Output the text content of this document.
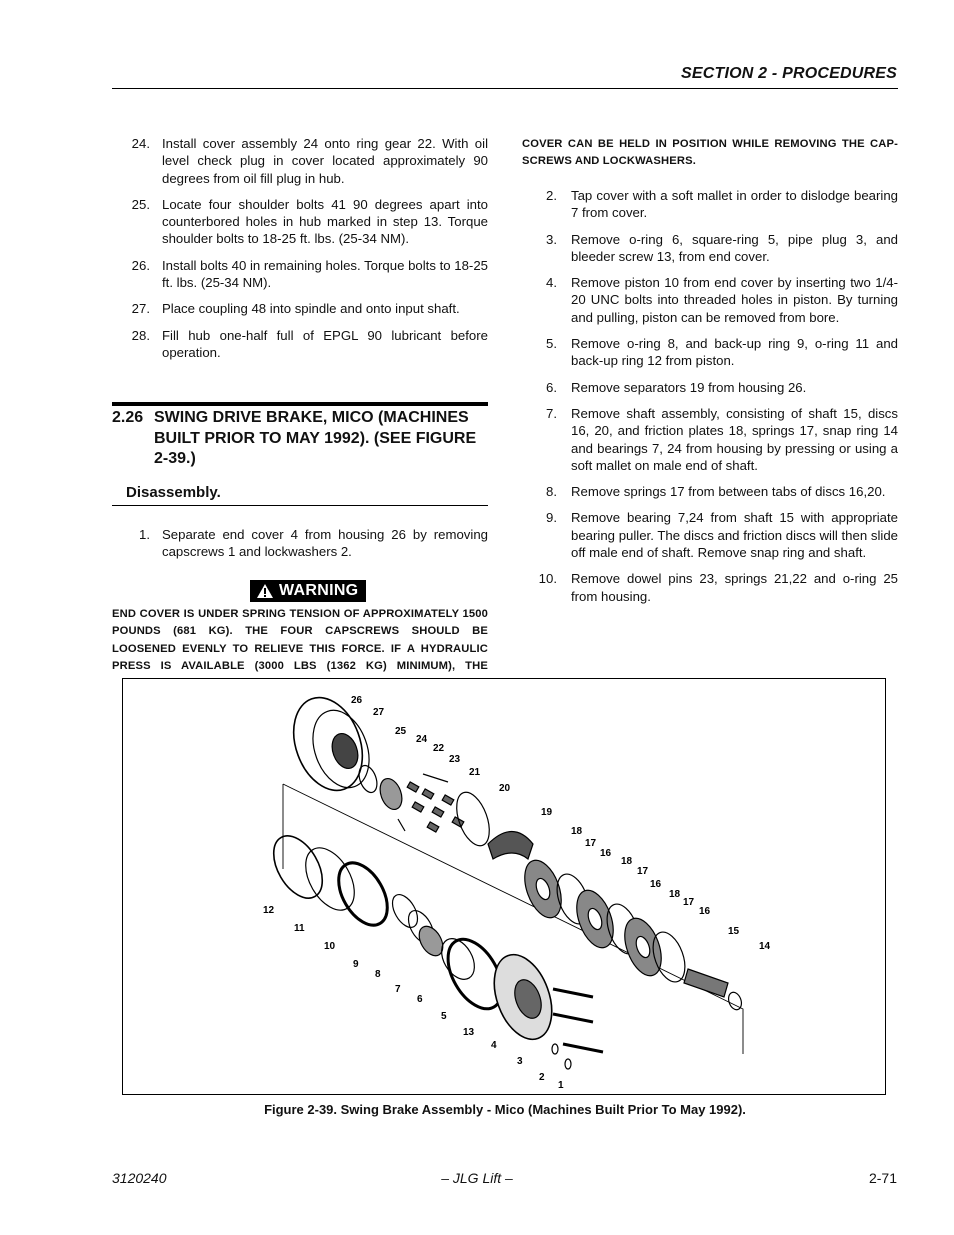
SECTION 2 - PROCEDURES
24. Install cover assembly 24 onto ring gear 22. With oil level check plug in cover located approximately 90 degrees from oil fill plug in hub.
25. Locate four shoulder bolts 41 90 degrees apart into counterbored holes in hub marked in step 13. Torque shoulder bolts to 18-25 ft. lbs. (25-34 NM).
26. Install bolts 40 in remaining holes. Torque bolts to 18-25 ft. lbs. (25-34 NM).
27. Place coupling 48 into spindle and onto input shaft.
28. Fill hub one-half full of EPGL 90 lubricant before operation.
2.26 SWING DRIVE BRAKE, MICO (MACHINES BUILT PRIOR TO MAY 1992). (SEE FIGURE 2-39.)
Disassembly.
1. Separate end cover 4 from housing 26 by removing capscrews 1 and lockwashers 2.
WARNING
END COVER IS UNDER SPRING TENSION OF APPROXIMATELY 1500 POUNDS (681 KG). THE FOUR CAPSCREWS SHOULD BE LOOSENED EVENLY TO RELIEVE THIS FORCE. IF A HYDRAULIC PRESS IS AVAILABLE (3000 LBS (1362 KG) MINIMUM), THE
COVER CAN BE HELD IN POSITION WHILE REMOVING THE CAP-SCREWS AND LOCKWASHERS.
2. Tap cover with a soft mallet in order to dislodge bearing 7 from cover.
3. Remove o-ring 6, square-ring 5, pipe plug 3, and bleeder screw 13, from end cover.
4. Remove piston 10 from end cover by inserting two 1/4-20 UNC bolts into threaded holes in piston. By turning and pulling, piston can be removed from bore.
5. Remove o-ring 8, and back-up ring 9, o-ring 11 and back-up ring 12 from piston.
6. Remove separators 19 from housing 26.
7. Remove shaft assembly, consisting of shaft 15, discs 16, 20, and friction plates 18, springs 17, snap ring 14 and bearings 7, 24 from housing by pressing or using a soft mallet on male end of shaft.
8. Remove springs 17 from between tabs of discs 16,20.
9. Remove bearing 7,24 from shaft 15 with appropriate bearing puller. The discs and friction discs will then slide off male end of shaft. Remove snap ring and shaft.
10. Remove dowel pins 23, springs 21,22 and o-ring 25 from housing.
26
27
25
24
22
23
21
20
19
18
17
16
18
17
16
18
17
16
15
14
12
11
10
9
8
7
6
5
13
4
3
2
1
Figure 2-39. Swing Brake Assembly - Mico (Machines Built Prior To May 1992).
3120240	– JLG Lift –	2-71
